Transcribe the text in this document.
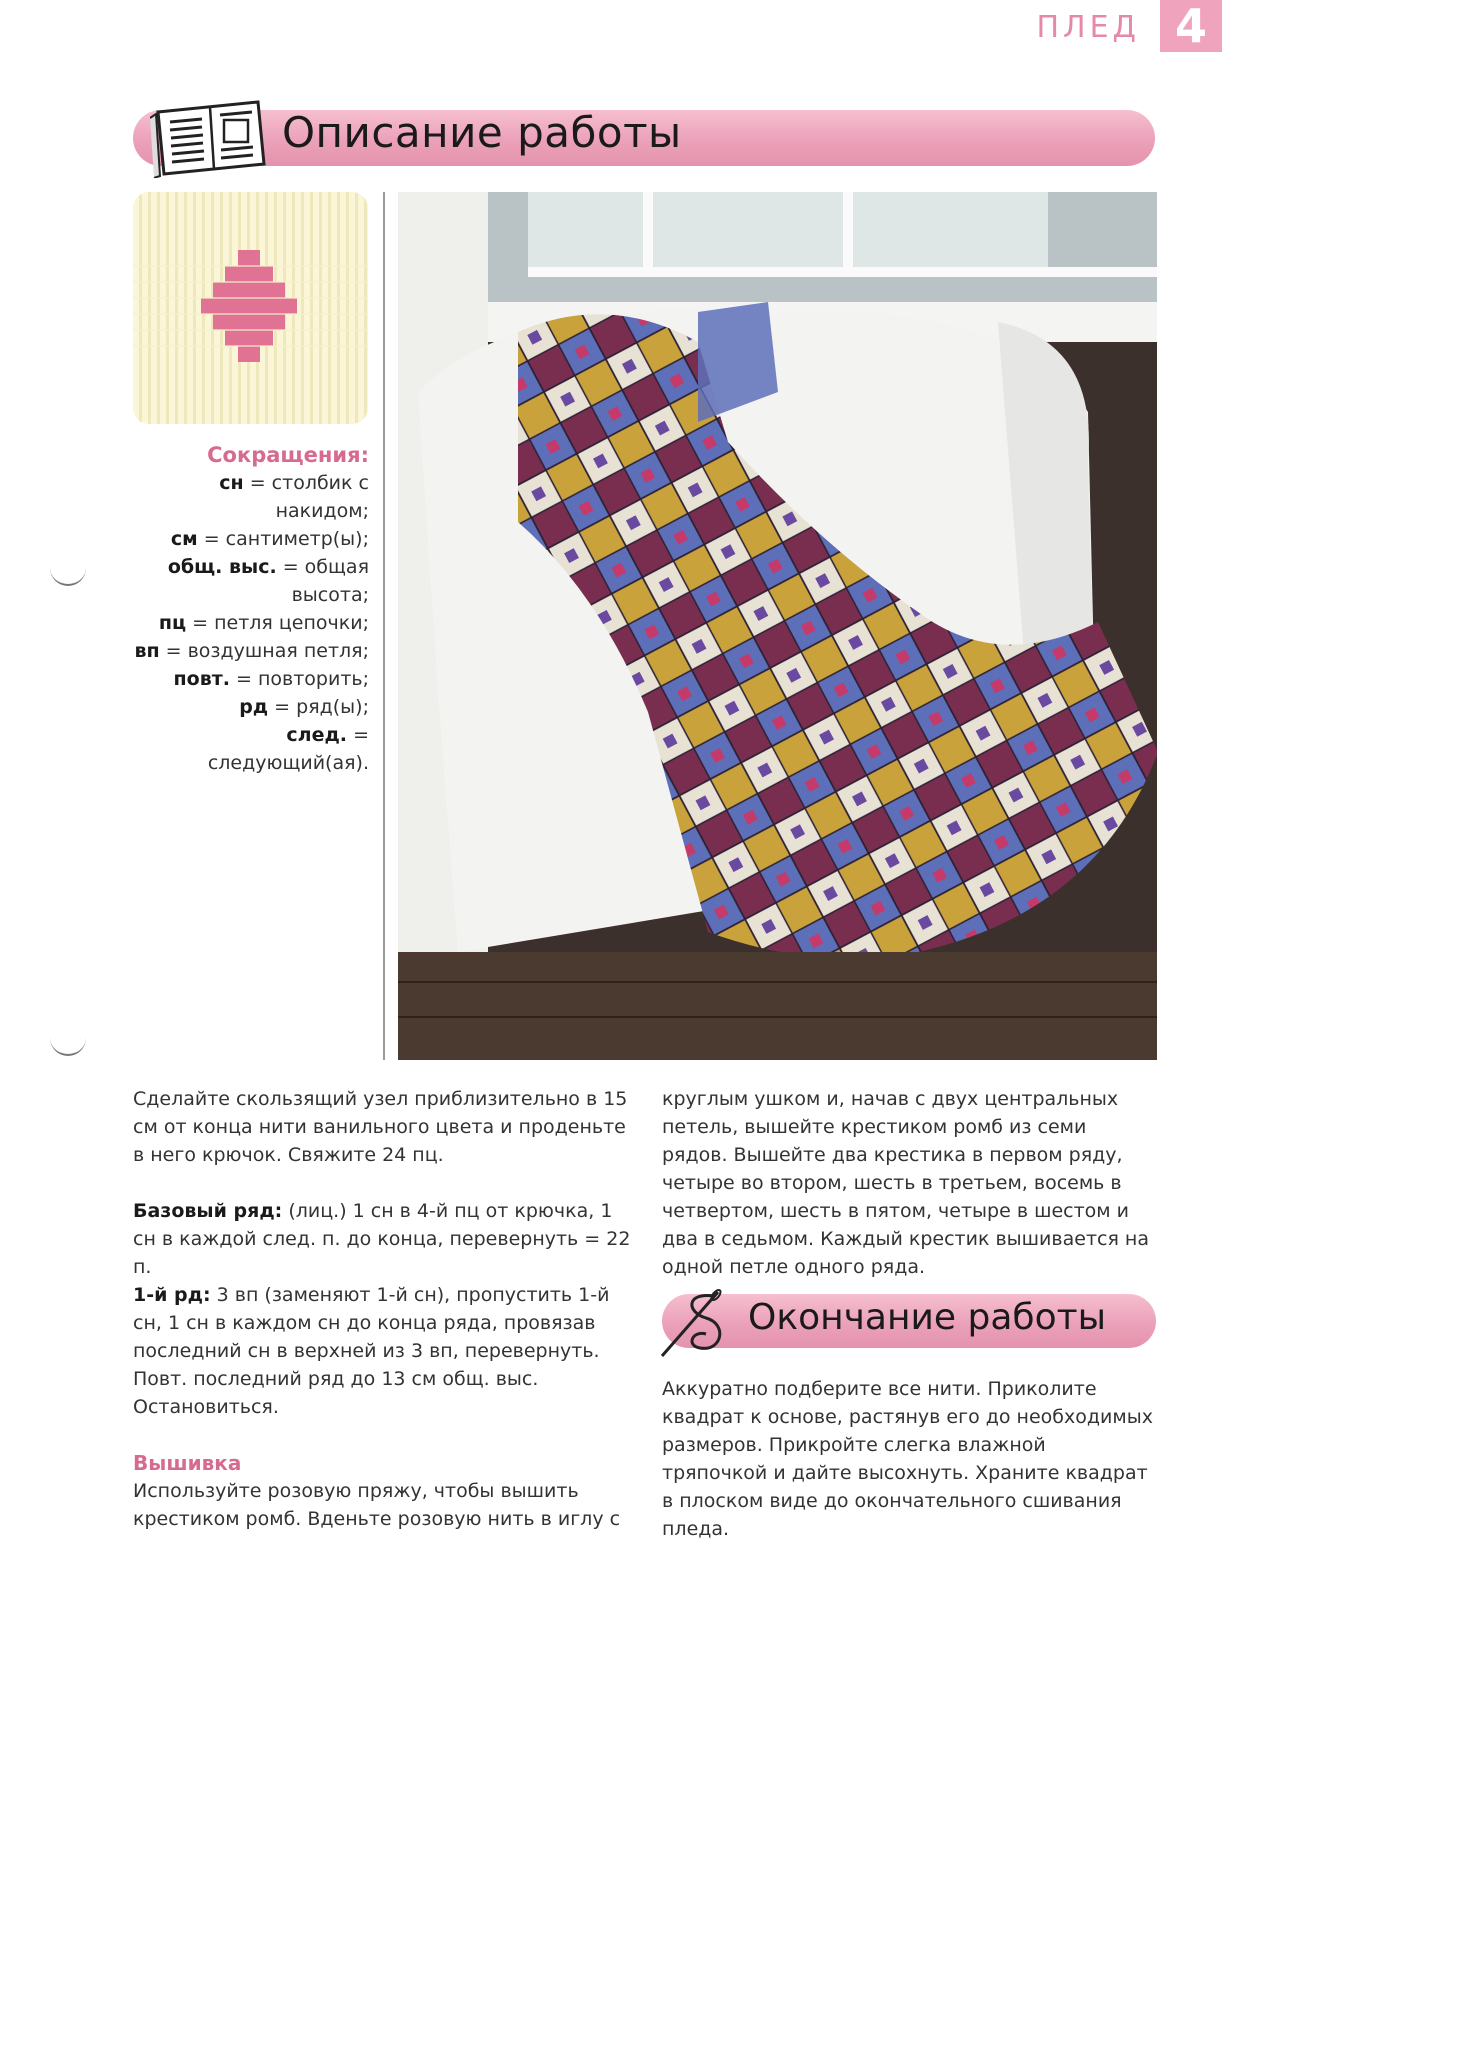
ПЛЕД 4
Описание работы
Сокращения:
сн = столбик с накидом;
см = сантиметр(ы);
общ. выс. = общая высота;
пц = петля цепочки;
вп = воздушная петля;
повт. = повторить;
рд = ряд(ы);
след. = следующий(ая).

Сделайте скользящий узел приблизительно в 15 см от конца нити ванильного цвета и проденьте в него крючок. Свяжите 24 пц.

Базовый ряд: (лиц.) 1 сн в 4-й пц от крючка, 1 сн в каждой след. п. до конца, перевернуть = 22 п.

1-й рд: 3 вп (заменяют 1-й сн), пропустить 1-й сн, 1 сн в каждом сн до конца ряда, провязав последний сн в верхней из 3 вп, перевернуть. Повт. последний ряд до 13 см общ. выс. Остановиться.

Вышивка

Используйте розовую пряжу, чтобы вышить крестиком ромб. Вденьте розовую нить в иглу с

круглым ушком и, начав с двух центральных петель, вышейте крестиком ромб из семи рядов. Вышейте два крестика в первом ряду, четыре во втором, шесть в третьем, восемь в четвертом, шесть в пятом, четыре в шестом и два в седьмом. Каждый крестик вышивается на одной петле одного ряда.

Окончание работы

Аккуратно подберите все нити. Приколите квадрат к основе, растянув его до необходимых размеров. Прикройте слегка влажной тряпочкой и дайте высохнуть. Храните квадрат в плоском виде до окончательного сшивания пледа.
